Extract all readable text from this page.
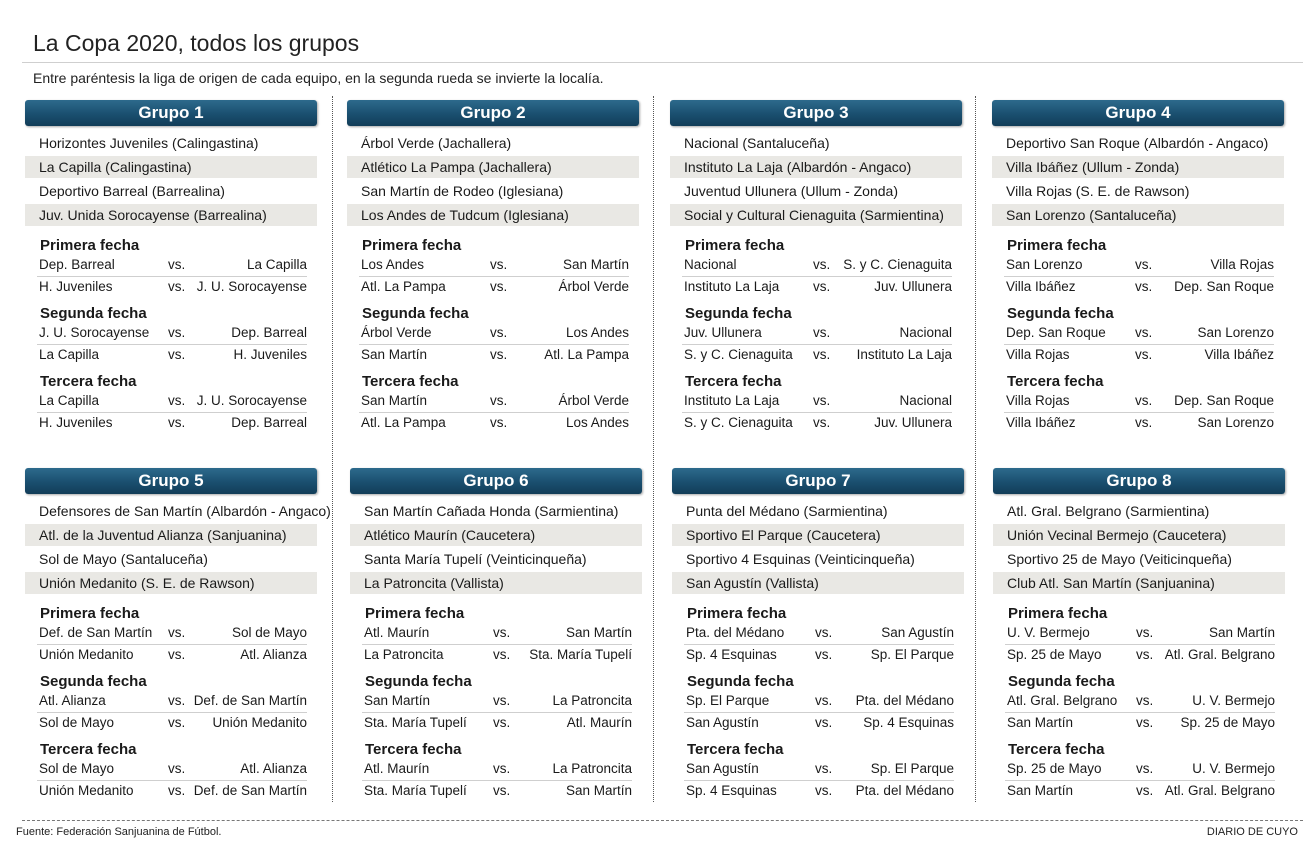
La Copa 2020, todos los grupos
Entre paréntesis la liga de origen de cada equipo, en la segunda rueda se invierte la localía.
Grupo 1
Horizontes Juveniles (Calingastina)
La Capilla (Calingastina)
Deportivo Barreal (Barrealina)
Juv. Unida Sorocayense (Barrealina)
Primera fecha
Dep. Barreal	vs.	La Capilla
H. Juveniles	vs. J. U. Sorocayense
Segunda fecha
J. U. Sorocayense vs.	Dep. Barreal
La Capilla	vs.	H. Juveniles
Tercera fecha
La Capilla	vs. J. U. Sorocayense
H. Juveniles	vs.	Dep. Barreal
Grupo 2
Árbol Verde (Jachallera)
Atlético La Pampa (Jachallera)
San Martín de Rodeo (Iglesiana)
Los Andes de Tudcum (Iglesiana)
Primera fecha
Los Andes	vs.	San Martín
Atl. La Pampa	vs.	Árbol Verde
Segunda fecha
Árbol Verde	vs.	Los Andes
San Martín	vs.	Atl. La Pampa
Tercera fecha
San Martín	vs.	Árbol Verde
Atl. La Pampa	vs.	Los Andes
Grupo 3
Nacional (Santaluceña)
Instituto La Laja (Albardón - Angaco)
Juventud Ullunera (Ullum - Zonda)
Social y Cultural Cienaguita (Sarmientina)
Primera fecha
Nacional	vs. S. y C. Cienaguita
Instituto La Laja vs.	Juv. Ullunera
Segunda fecha
Juv. Ullunera	vs.	Nacional
S. y C. Cienaguita vs. Instituto La Laja
Tercera fecha
Instituto La Laja vs.	Nacional
S. y C. Cienaguita vs.	Juv. Ullunera
Grupo 4
Deportivo San Roque (Albardón - Angaco)
Villa Ibáñez (Ullum - Zonda)
Villa Rojas (S. E. de Rawson)
San Lorenzo (Santaluceña)
Primera fecha
San Lorenzo	vs.	Villa Rojas
Villa Ibáñez	vs. Dep. San Roque
Segunda fecha
Dep. San Roque vs.	San Lorenzo
Villa Rojas	vs.	Villa Ibáñez
Tercera fecha
Villa Rojas	vs. Dep. San Roque
Villa Ibáñez	vs.	San Lorenzo
Grupo 5
Defensores de San Martín (Albardón - Angaco)
Atl. de la Juventud Alianza (Sanjuanina)
Sol de Mayo (Santaluceña)
Unión Medanito (S. E. de Rawson)
Primera fecha
Def. de San Martín vs.	Sol de Mayo
Unión Medanito	vs.	Atl. Alianza
Segunda fecha
Atl. Alianza	vs. Def. de San Martín
Sol de Mayo	vs. Unión Medanito
Tercera fecha
Sol de Mayo	vs.	Atl. Alianza
Unión Medanito	vs. Def. de San Martín
Grupo 6
San Martín Cañada Honda (Sarmientina)
Atlético Maurín (Caucetera)
Santa María Tupelí (Veinticinqueña)
La Patroncita (Vallista)
Primera fecha
Atl. Maurín	vs.	San Martín
La Patroncita	vs. Sta. María Tupelí
Segunda fecha
San Martín	vs.	La Patroncita
Sta. María Tupelí vs.	Atl. Maurín
Tercera fecha
Atl. Maurín	vs.	La Patroncita
Sta. María Tupelí vs.	San Martín
Grupo 7
Punta del Médano (Sarmientina)
Sportivo El Parque (Caucetera)
Sportivo 4 Esquinas (Veinticinqueña)
San Agustín (Vallista)
Primera fecha
Pta. del Médano vs.	San Agustín
Sp. 4 Esquinas	vs.	Sp. El Parque
Segunda fecha
Sp. El Parque	vs. Pta. del Médano
San Agustín	vs. Sp. 4 Esquinas
Tercera fecha
San Agustín	vs.	Sp. El Parque
Sp. 4 Esquinas	vs. Pta. del Médano
Grupo 8
Atl. Gral. Belgrano (Sarmientina)
Unión Vecinal Bermejo (Caucetera)
Sportivo 25 de Mayo (Veiticinqueña)
Club Atl. San Martín (Sanjuanina)
Primera fecha
U. V. Bermejo	vs.	San Martín
Sp. 25 de Mayo	vs. Atl. Gral. Belgrano
Segunda fecha
Atl. Gral. Belgrano vs.	U. V. Bermejo
San Martín	vs. Sp. 25 de Mayo
Tercera fecha
Sp. 25 de Mayo	vs.	U. V. Bermejo
San Martín	vs. Atl. Gral. Belgrano
Fuente: Federación Sanjuanina de Fútbol.	DIARIO DE CUYO
